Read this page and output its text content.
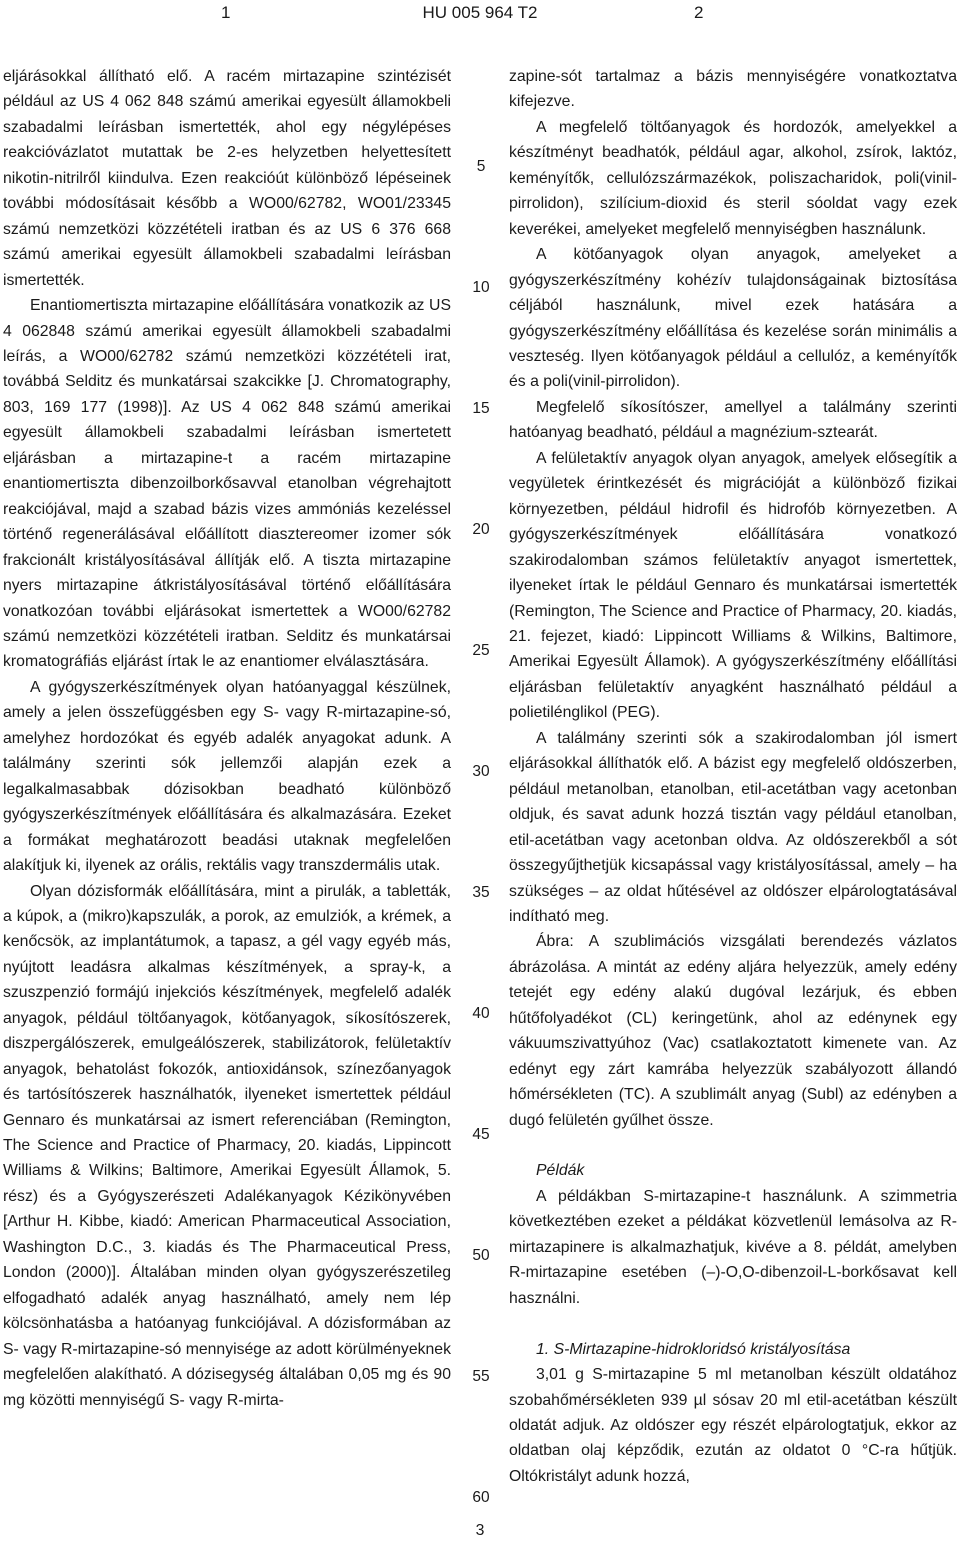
1	HU 005 964 T2	2

eljárásokkal állítható elő. A racém mirtazapine szintézisét például az US 4 062 848 számú amerikai egyesült államokbeli szabadalmi leírásban ismertették, ahol egy négylépéses reakcióvázlatot mutattak be 2-es helyzetben helyettesített nikotin-nitrilről kiindulva. Ezen reakcióút különböző lépéseinek további módosításait később a WO00/62782, WO01/23345 számú nemzetközi közzétételi iratban és az US 6 376 668 számú amerikai egyesült államokbeli szabadalmi leírásban ismertették.

Enantiomertiszta mirtazapine előállítására vonatkozik az US 4 062848 számú amerikai egyesült államokbeli szabadalmi leírás, a WO00/62782 számú nemzetközi közzétételi irat, továbbá Selditz és munkatársai szakcikke [J. Chromatography, 803, 169 177 (1998)]. Az US 4 062 848 számú amerikai egyesült államokbeli szabadalmi leírásban ismertetett eljárásban a mirtazapine-t a racém mirtazapine enantiomertiszta dibenzoilborkősavval etanolban végrehajtott reakciójával, majd a szabad bázis vizes ammóniás kezeléssel történő regenerálásával előállított diasztereomer izomer sók frakcionált kristályosításával állítják elő. A tiszta mirtazapine nyers mirtazapine átkristályosításával történő előállítására vonatkozóan további eljárásokat ismertettek a WO00/62782 számú nemzetközi közzétételi iratban. Selditz és munkatársai kromatográfiás eljárást írtak le az enantiomer elválasztására.

A gyógyszerkészítmények olyan hatóanyaggal készülnek, amely a jelen összefüggésben egy S- vagy R-mirtazapine-só, amelyhez hordozókat és egyéb adalék anyagokat adunk. A találmány szerinti sók jellemzői alapján ezek a legalkalmasabbak dózisokban beadható különböző gyógyszerkészítmények előállítására és alkalmazására. Ezeket a formákat meghatározott beadási utaknak megfelelően alakítjuk ki, ilyenek az orális, rektális vagy transzdermális utak.

Olyan dózisformák előállítására, mint a pirulák, a tabletták, a kúpok, a (mikro)kapszulák, a porok, az emulziók, a krémek, a kenőcsök, az implantátumok, a tapasz, a gél vagy egyéb más, nyújtott leadásra alkalmas készítmények, a spray-k, a szuszpenzió formájú injekciós készítmények, megfelelő adalék anyagok, például töltőanyagok, kötőanyagok, síkosítószerek, diszpergálószerek, emulgeálószerek, stabilizátorok, felületaktív anyagok, behatolást fokozók, antioxidánsok, színezőanyagok és tartósítószerek használhatók, ilyeneket ismertettek például Gennaro és munkatársai az ismert referenciában (Remington, The Science and Practice of Pharmacy, 20. kiadás, Lippincott Williams & Wilkins; Baltimore, Amerikai Egyesült Államok, 5. rész) és a Gyógyszerészeti Adalékanyagok Kézikönyvében [Arthur H. Kibbe, kiadó: American Pharmaceutical Association, Washington D.C., 3. kiadás és The Pharmaceutical Press, London (2000)]. Általában minden olyan gyógyszerészetileg elfogadható adalék anyag használható, amely nem lép kölcsönhatásba a hatóanyag funkciójával. A dózisformában az S- vagy R-mirtazapine-só mennyisége az adott körülményeknek megfelelően alakítható. A dózisegység általában 0,05 mg és 90 mg közötti mennyiségű S- vagy R-mirta-

5
10
15
20
25
30
35
40
45
50
55
60

zapine-sót tartalmaz a bázis mennyiségére vonatkoztatva kifejezve.

A megfelelő töltőanyagok és hordozók, amelyekkel a készítményt beadhatók, például agar, alkohol, zsírok, laktóz, keményítők, cellulózszármazékok, poliszacharidok, poli(vinil-pirrolidon), szilícium-dioxid és steril sóoldat vagy ezek keverékei, amelyeket megfelelő mennyiségben használunk.

A kötőanyagok olyan anyagok, amelyeket a gyógyszerkészítmény kohézív tulajdonságainak biztosítása céljából használunk, mivel ezek hatására a gyógyszerkészítmény előállítása és kezelése során minimális a veszteség. Ilyen kötőanyagok például a cellulóz, a keményítők és a poli(vinil-pirrolidon).

Megfelelő síkosítószer, amellyel a találmány szerinti hatóanyag beadható, például a magnézium-sztearát.

A felületaktív anyagok olyan anyagok, amelyek elősegítik a vegyületek érintkezését és migrációját a különböző fizikai környezetben, például hidrofil és hidrofób környezetben. A gyógyszerkészítmények előállítására vonatkozó szakirodalomban számos felületaktív anyagot ismertettek, ilyeneket írtak le például Gennaro és munkatársai ismertették (Remington, The Science and Practice of Pharmacy, 20. kiadás, 21. fejezet, kiadó: Lippincott Williams & Wilkins, Baltimore, Amerikai Egyesült Államok). A gyógyszerkészítmény előállítási eljárásban felületaktív anyagként használható például a polietilénglikol (PEG).

A találmány szerinti sók a szakirodalomban jól ismert eljárásokkal állíthatók elő. A bázist egy megfelelő oldószerben, például metanolban, etanolban, etil-acetátban vagy acetonban oldjuk, és savat adunk hozzá tisztán vagy például etanolban, etil-acetátban vagy acetonban oldva. Az oldószerekből a sót összegyűjthetjük kicsapással vagy kristályosítással, amely – ha szükséges – az oldat hűtésével az oldószer elpárologtatásával indítható meg.

Ábra: A szublimációs vizsgálati berendezés vázlatos ábrázolása. A mintát az edény aljára helyezzük, amely edény tetejét egy edény alakú dugóval lezárjuk, és ebben hűtőfolyadékot (CL) keringetünk, ahol az edénynek egy vákuumszivattyúhoz (Vac) csatlakoztatott kimenete van. Az edényt egy zárt kamrába helyezzük szabályozott állandó hőmérsékleten (TC). A szublimált anyag (Subl) az edényben a dugó felületén gyűlhet össze.

Példák

A példákban S-mirtazapine-t használunk. A szimmetria következtében ezeket a példákat közvetlenül lemásolva az R-mirtazapinere is alkalmazhatjuk, kivéve a 8. példát, amelyben R-mirtazapine esetében (–)-O,O-dibenzoil-L-borkősavat kell használni.

1. S-Mirtazapine-hidrokloridsó kristályosítása

3,01 g S-mirtazapine 5 ml metanolban készült oldatához szobahőmérsékleten 939 µl sósav 20 ml etil-acetátban készült oldatát adjuk. Az oldószer egy részét elpárologtatjuk, ekkor az oldatban olaj képződik, ezután az oldatot 0 °C-ra hűtjük. Oltókristályt adunk hozzá,

3
